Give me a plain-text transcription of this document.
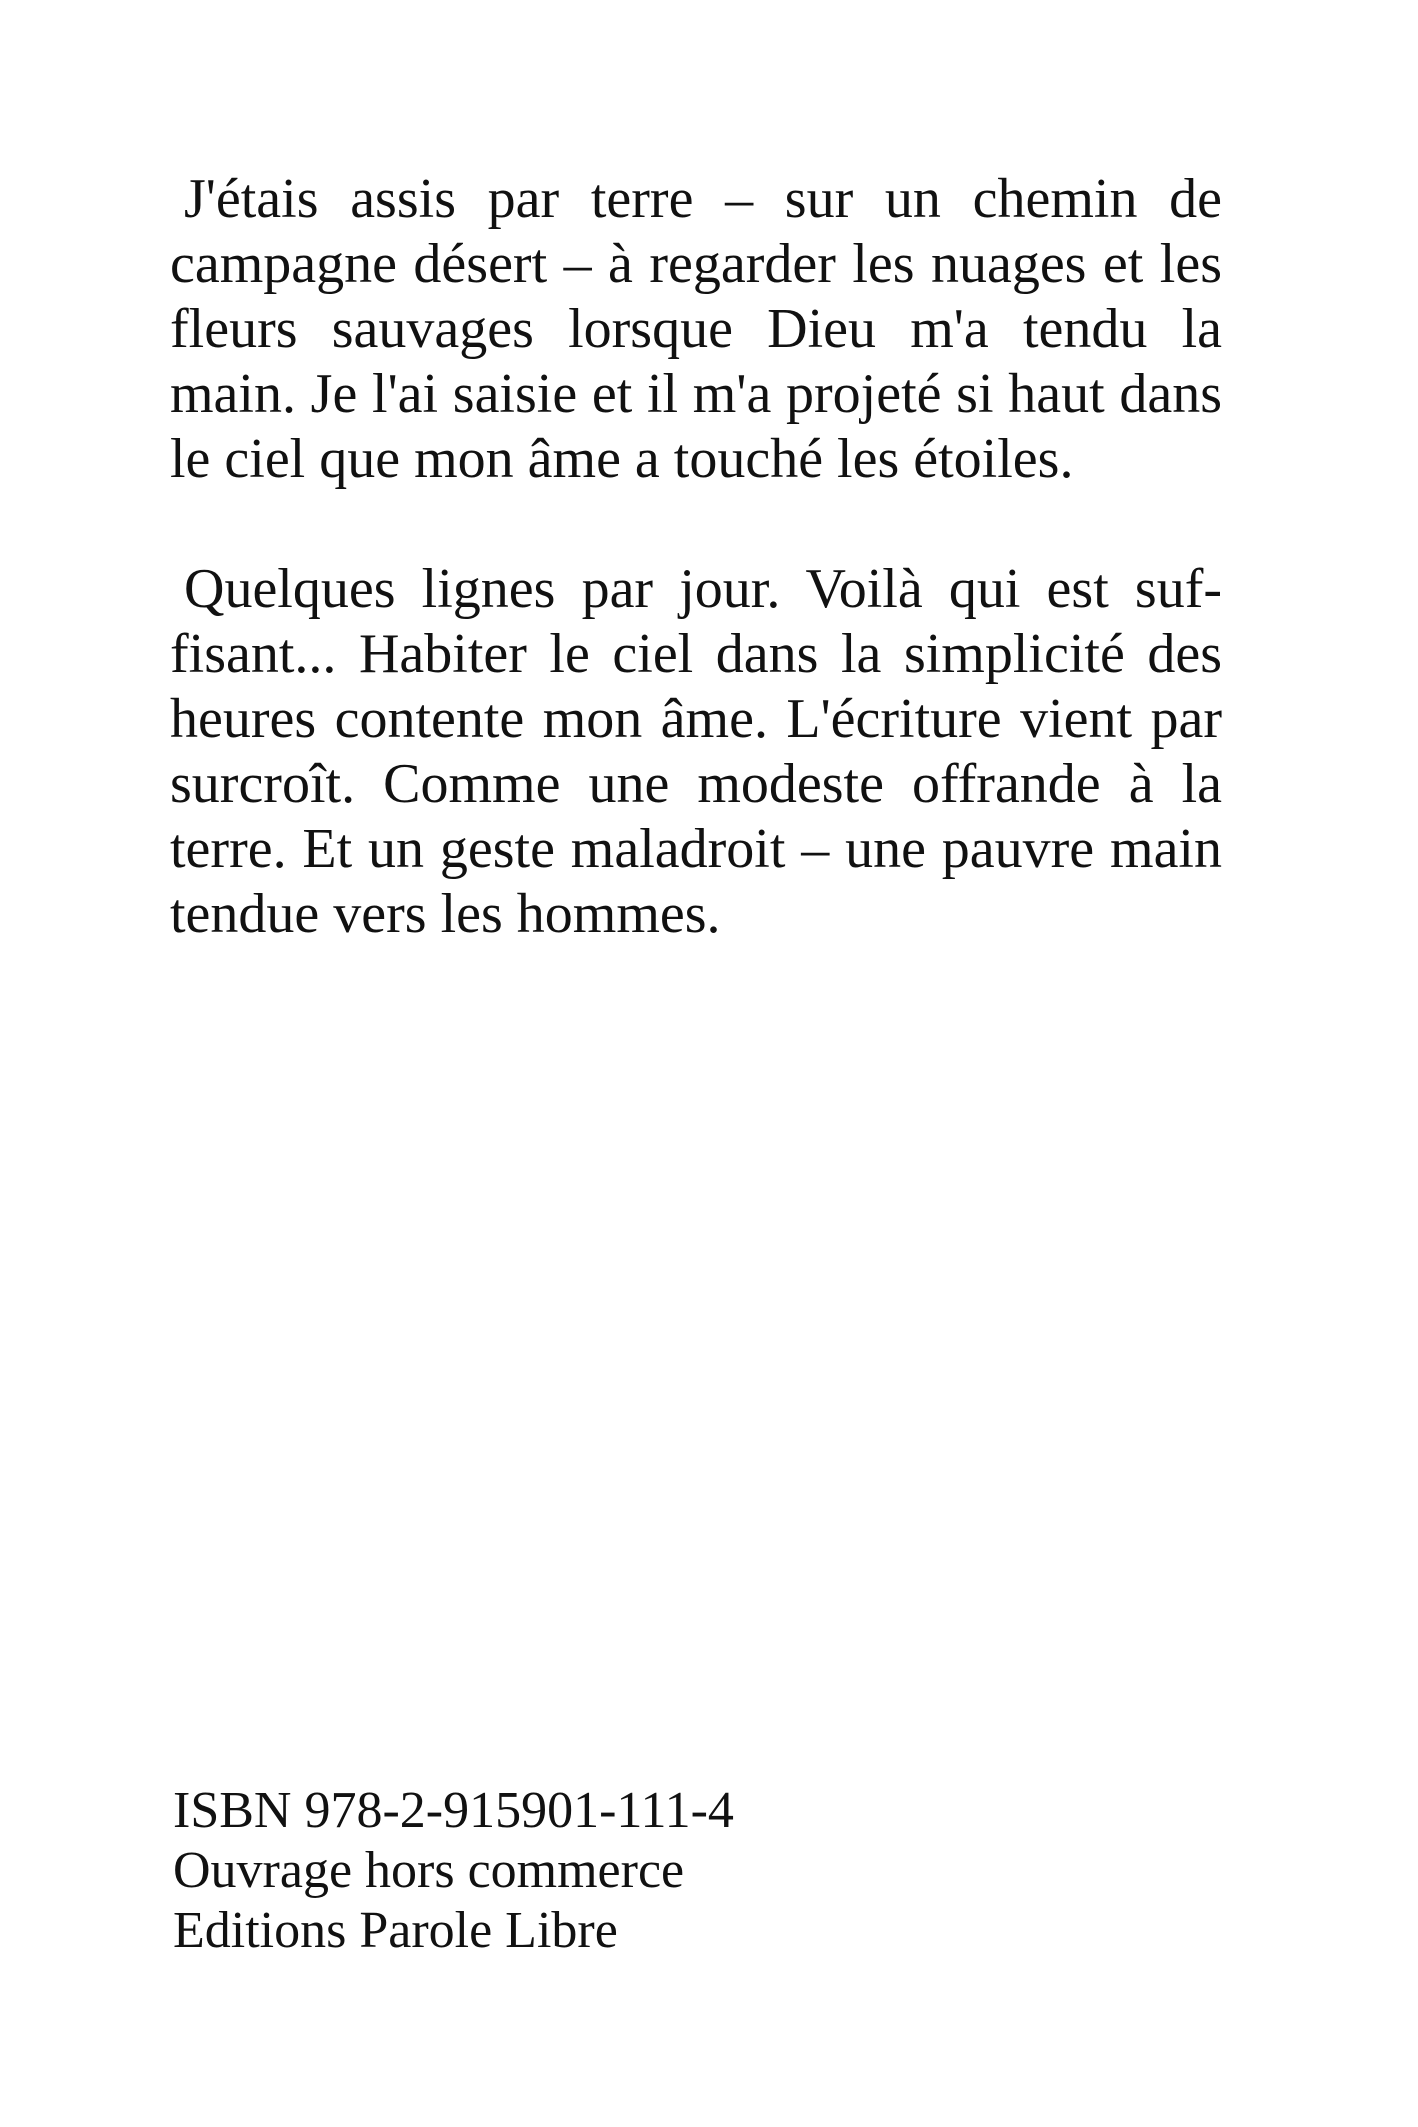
J'étais assis par terre – sur un chemin de campagne désert – à regarder les nuages et les fleurs sauvages lorsque Dieu m'a tendu la main. Je l'ai saisie et il m'a projeté si haut dans le ciel que mon âme a touché les étoiles.

Quelques lignes par jour. Voilà qui est suffisant... Habiter le ciel dans la simplicité des heures contente mon âme. L'écriture vient par surcroît. Comme une modeste offrande à la terre. Et un geste maladroit – une pauvre main tendue vers les hommes.

ISBN 978-2-915901-111-4
Ouvrage hors commerce
Editions Parole Libre
